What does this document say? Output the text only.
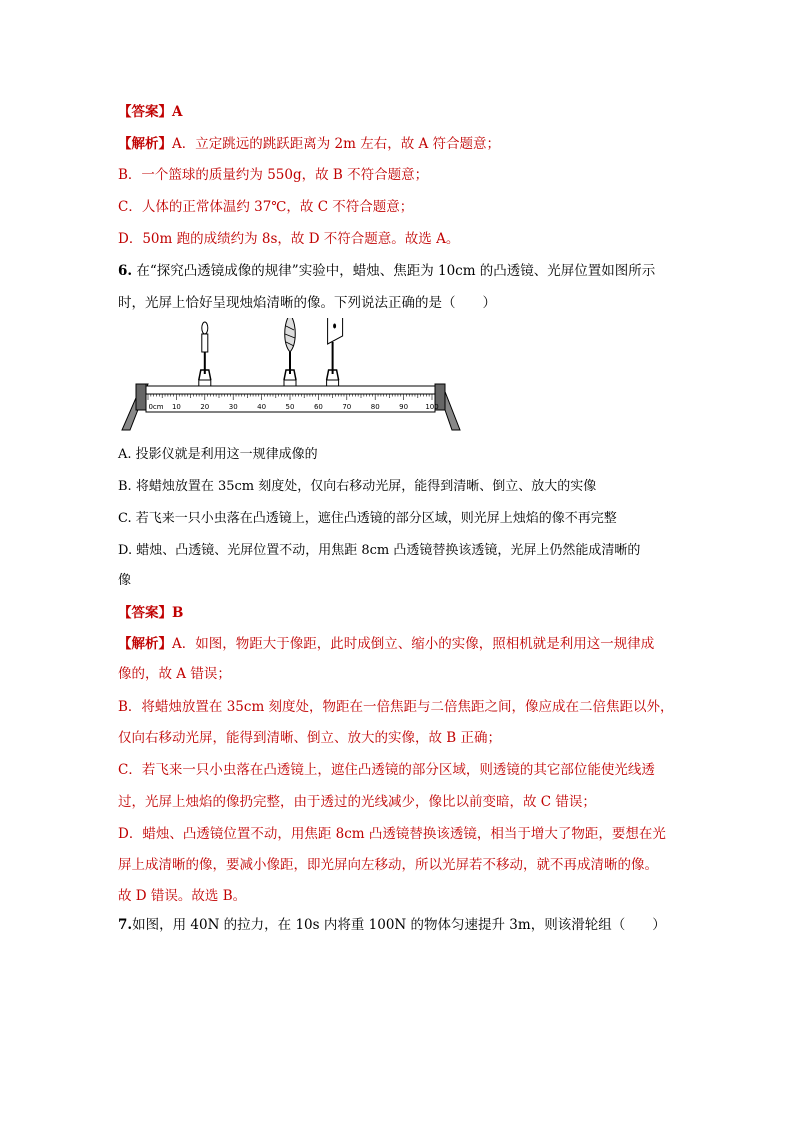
【答案】A
【解析】A．立定跳远的跳跃距离为 2m 左右，故 A 符合题意；
B．一个篮球的质量约为 550g，故 B 不符合题意；
C．人体的正常体温约 37℃，故 C 不符合题意；
D．50m 跑的成绩约为 8s，故 D 不符合题意。故选 A。
6. 在“探究凸透镜成像的规律”实验中，蜡烛、焦距为 10cm 的凸透镜、光屏位置如图所示
时，光屏上恰好呈现烛焰清晰的像。下列说法正确的是（　　）
0cm 10	20	30	40	50	60	70	80	90 100
A. 投影仪就是利用这一规律成像的
B. 将蜡烛放置在 35cm 刻度处，仅向右移动光屏，能得到清晰、倒立、放大的实像
C. 若飞来一只小虫落在凸透镜上，遮住凸透镜的部分区域，则光屏上烛焰的像不再完整
D. 蜡烛、凸透镜、光屏位置不动，用焦距 8cm 凸透镜替换该透镜，光屏上仍然能成清晰的
像
【答案】B
【解析】A．如图，物距大于像距，此时成倒立、缩小的实像，照相机就是利用这一规律成
像的，故 A 错误；
B．将蜡烛放置在 35cm 刻度处，物距在一倍焦距与二倍焦距之间，像应成在二倍焦距以外，
仅向右移动光屏，能得到清晰、倒立、放大的实像，故 B 正确；
C．若飞来一只小虫落在凸透镜上，遮住凸透镜的部分区域，则透镜的其它部位能使光线透
过，光屏上烛焰的像扔完整，由于透过的光线减少，像比以前变暗，故 C 错误；
D．蜡烛、凸透镜位置不动，用焦距 8cm 凸透镜替换该透镜，相当于增大了物距，要想在光
屏上成清晰的像，要减小像距，即光屏向左移动，所以光屏若不移动，就不再成清晰的像。
故 D 错误。故选 B。
7.如图，用 40N 的拉力，在 10s 内将重 100N 的物体匀速提升 3m，则该滑轮组（　　）
